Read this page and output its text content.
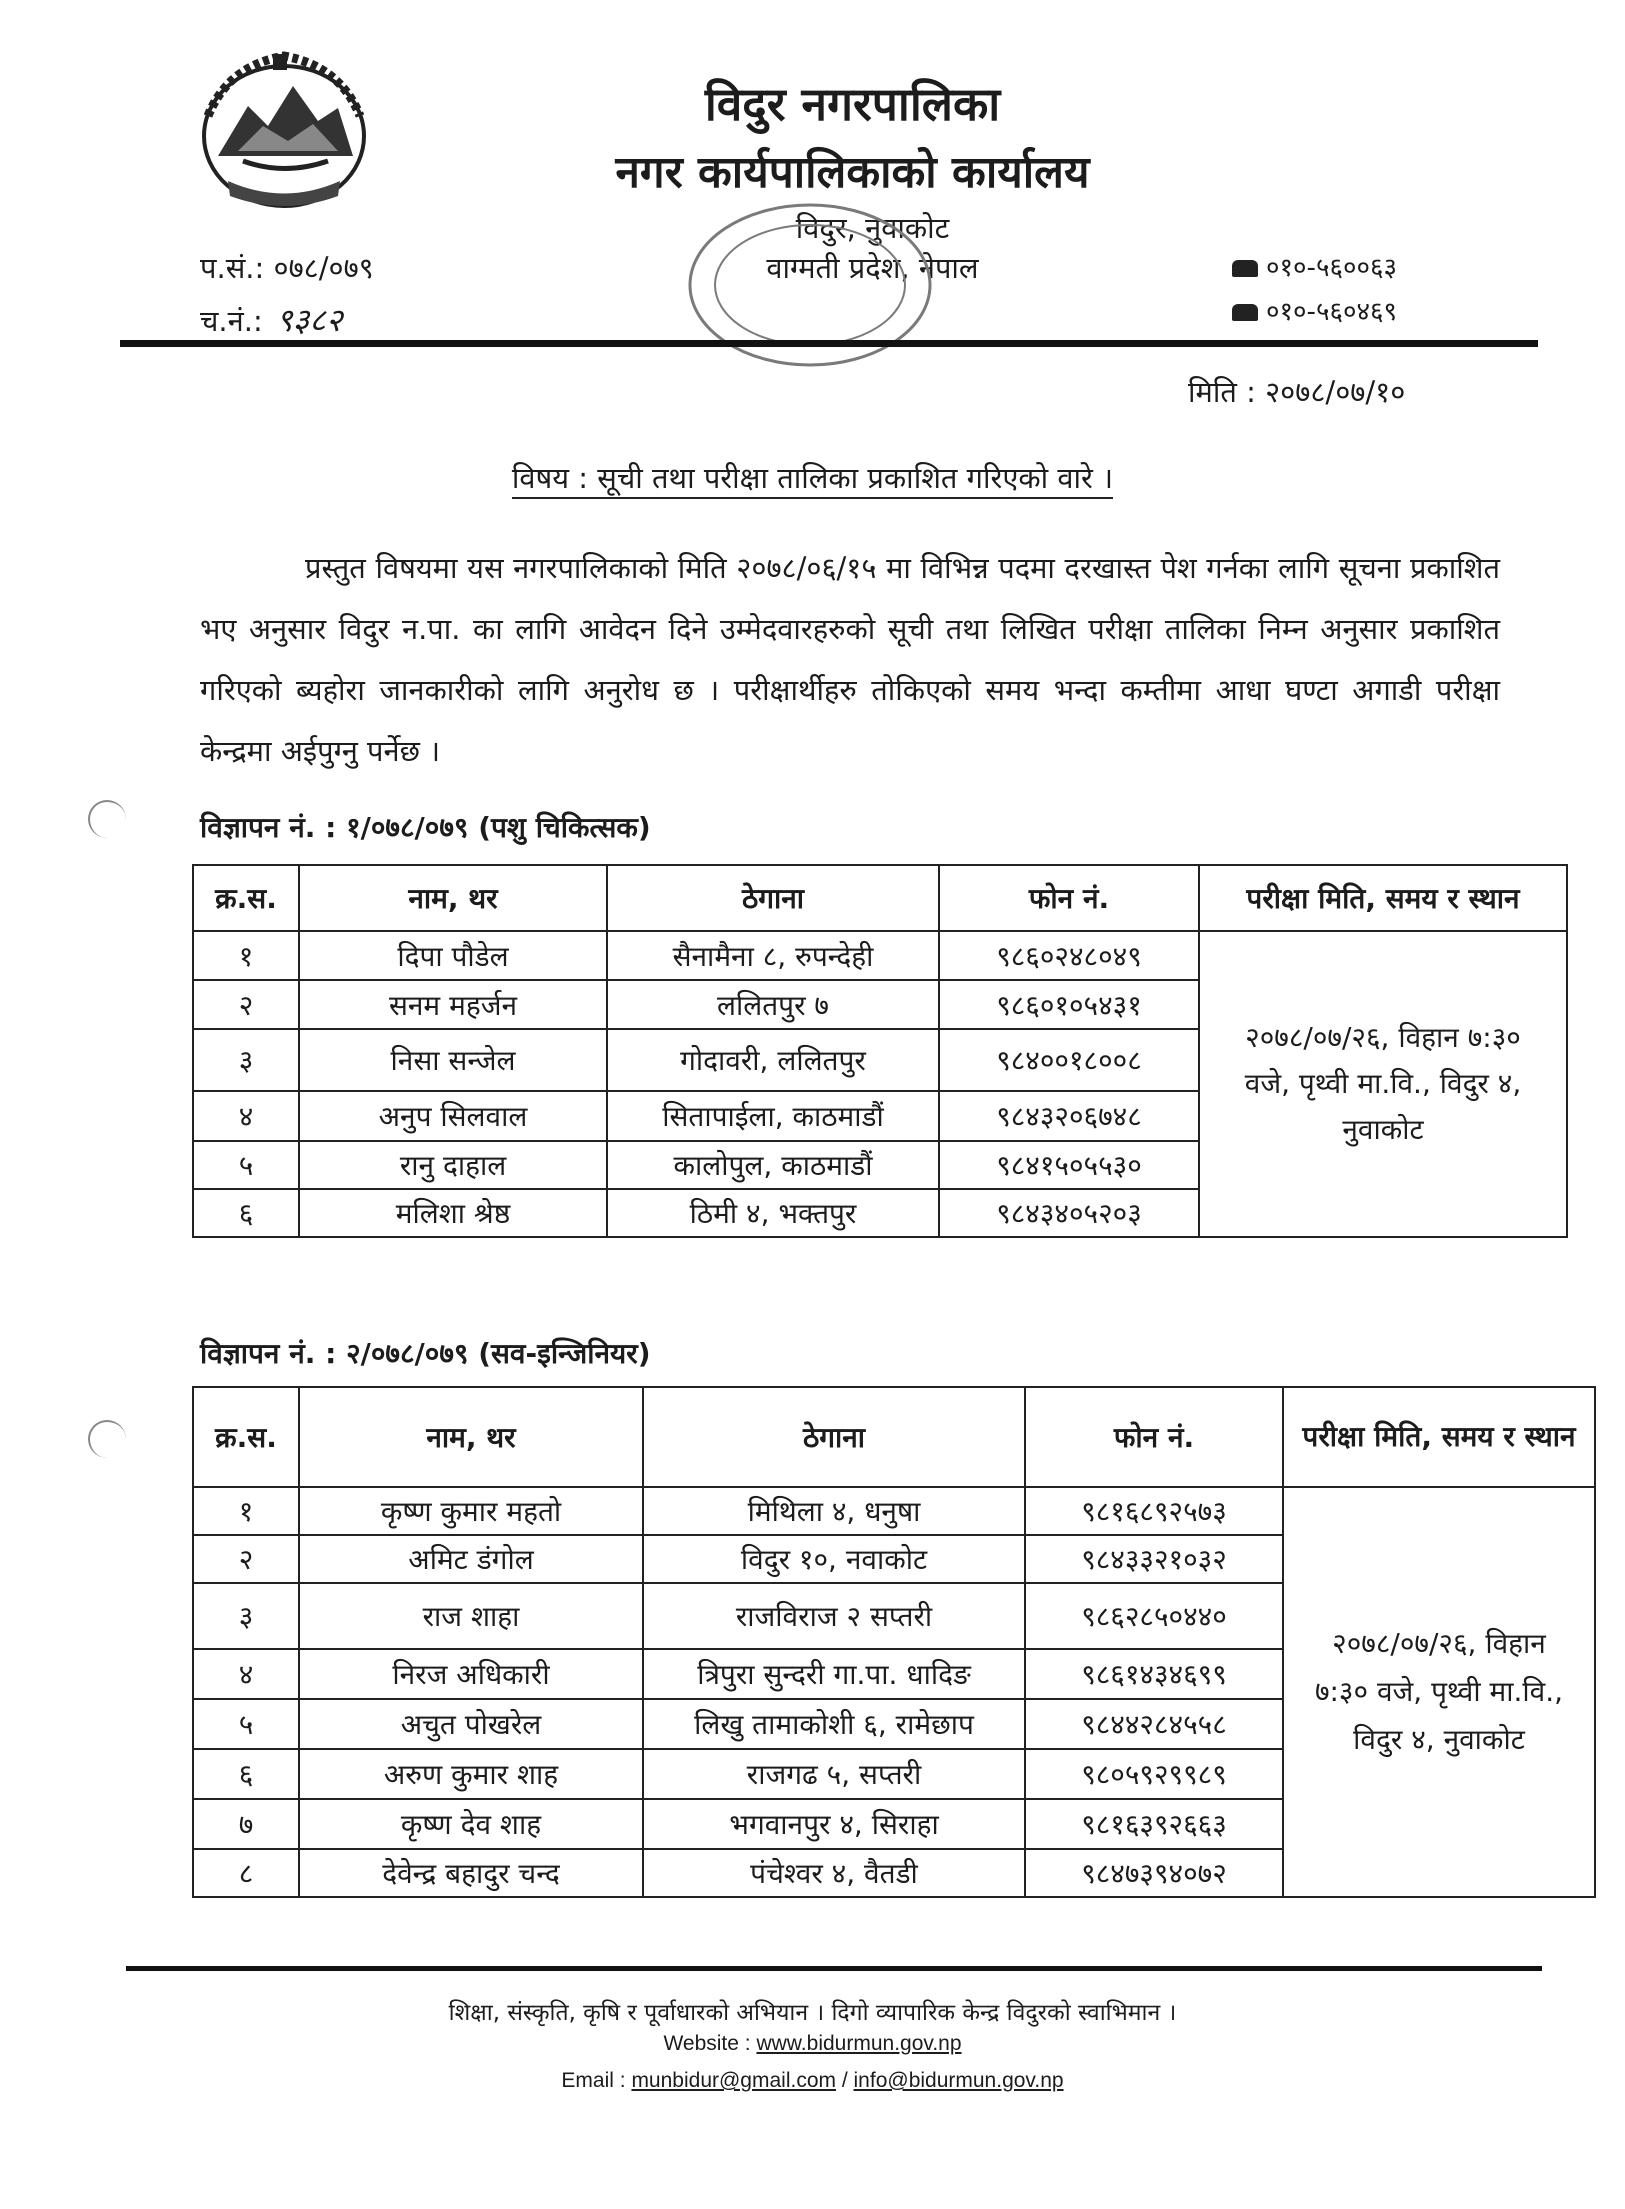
विदुर नगरपालिका
नगर कार्यपालिकाको कार्यालय
विदुर, नुवाकोट
वाग्मती प्रदेश, नेपाल
प.सं.: ०७८/०७९
च.नं.: ९३८२
०१०-५६००६३
०१०-५६०४६९
मिति : २०७८/०७/१०
विषय : सूची तथा परीक्षा तालिका प्रकाशित गरिएको वारे ।

प्रस्तुत विषयमा यस नगरपालिकाको मिति २०७८/०६/१५ मा विभिन्न पदमा दरखास्त पेश गर्नका लागि सूचना प्रकाशित भए अनुसार विदुर न.पा. का लागि आवेदन दिने उम्मेदवारहरुको सूची तथा लिखित परीक्षा तालिका निम्न अनुसार प्रकाशित गरिएको ब्यहोरा जानकारीको लागि अनुरोध छ । परीक्षार्थीहरु तोकिएको समय भन्दा कम्तीमा आधा घण्टा अगाडी परीक्षा केन्द्रमा अईपुग्नु पर्नेछ ।

विज्ञापन नं. : १/०७८/०७९ (पशु चिकित्सक)
क्र.स.	नाम, थर	ठेगाना	फोन नं.	परीक्षा मिति, समय र स्थान
१	दिपा पौडेल	सैनामैना ८, रुपन्देही	९८६०२४८०४९	२०७८/०७/२६, विहान ७:३० वजे, पृथ्वी मा.वि., विदुर ४, नुवाकोट
२	सनम महर्जन	ललितपुर ७	९८६०१०५४३१	
३	निसा सन्जेल	गोदावरी, ललितपुर	९८४००१८००८	
४	अनुप सिलवाल	सितापाईला, काठमाडौं	९८४३२०६७४८	
५	रानु दाहाल	कालोपुल, काठमाडौं	९८४१५०५५३०	
६	मलिशा श्रेष्ठ	ठिमी ४, भक्तपुर	९८४३४०५२०३	
विज्ञापन नं. : २/०७८/०७९ (सव-इन्जिनियर)
क्र.स.	नाम, थर	ठेगाना	फोन नं.	परीक्षा मिति, समय र स्थान
१	कृष्ण कुमार महतो	मिथिला ४, धनुषा	९८१६८९२५७३	२०७८/०७/२६, विहान ७:३० वजे, पृथ्वी मा.वि., विदुर ४, नुवाकोट
२	अमिट डंगोल	विदुर १०, नवाकोट	९८४३३२१०३२	
३	राज शाहा	राजविराज २ सप्तरी	९८६२८५०४४०	
४	निरज अधिकारी	त्रिपुरा सुन्दरी गा.पा. धादिङ	९८६१४३४६९९	
५	अचुत पोखरेल	लिखु तामाकोशी ६, रामेछाप	९८४४२८४५५८	
६	अरुण कुमार शाह	राजगढ ५, सप्तरी	९८०५९२९९८९	
७	कृष्ण देव शाह	भगवानपुर ४, सिराहा	९८१६३९२६६३	
८	देवेन्द्र बहादुर चन्द	पंचेश्वर ४, वैतडी	९८४७३९४०७२	
शिक्षा, संस्कृति, कृषि र पूर्वाधारको अभियान । दिगो व्यापारिक केन्द्र विदुरको स्वाभिमान ।
Website : www.bidurmun.gov.np
Email : munbidur@gmail.com / info@bidurmun.gov.np
